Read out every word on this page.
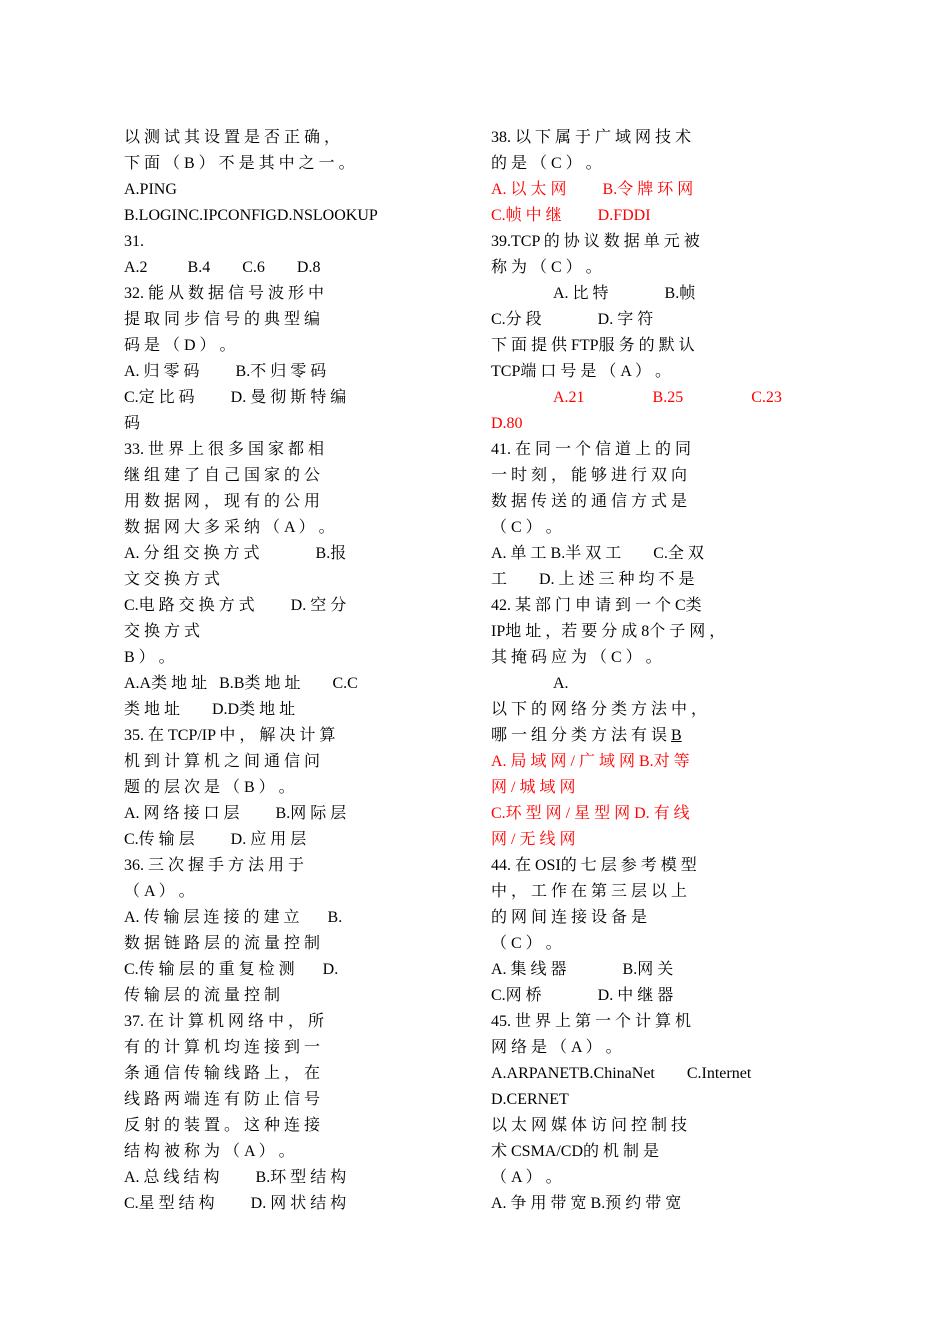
以 测 试 其 设 置 是 否 正 确 ，
下 面 （ B ） 不 是 其 中 之 一 。
A.PING
B.LOGINC.IPCONFIGD.NSLOOKUP
31.
A.2          B.4        C.6        D.8
32. 能 从 数 据 信 号 波 形 中
提 取 同 步 信 号 的 典 型 编
码 是 （ D ） 。
A. 归 零 码         B.不 归 零 码
C.定 比 码         D. 曼 彻 斯 特 编
码
33. 世 界 上 很 多 国 家 都 相
继 组 建 了 自 己 国 家 的 公
用 数 据 网 ， 现 有 的 公 用
数 据 网 大 多 采 纳 （ A ） 。
A. 分 组 交 换 方 式              B.报
文 交 换 方 式
C.电 路 交 换 方 式         D. 空 分
交 换 方 式
B ） 。
A.A类 地 址   B.B类 地 址        C.C
类 地 址        D.D类 地 址
35. 在 TCP/IP 中 ， 解 决 计 算
机 到 计 算 机 之 间 通 信 问
题 的 层 次 是 （ B ） 。
A. 网 络 接 口 层         B.网 际 层
C.传 输 层         D. 应 用 层
36. 三 次 握 手 方 法 用 于
（ A ） 。
A. 传 输 层 连 接 的 建 立       B.
数 据 链 路 层 的 流 量 控 制
C.传 输 层 的 重 复 检 测       D.
传 输 层 的 流 量 控 制
37. 在 计 算 机 网 络 中 ， 所
有 的 计 算 机 均 连 接 到 一
条 通 信 传 输 线 路 上 ， 在
线 路 两 端 连 有 防 止 信 号
反 射 的 装 置 。 这 种 连 接
结 构 被 称 为 （ A ） 。
A. 总 线 结 构         B.环 型 结 构
C.星 型 结 构         D. 网 状 结 构
38. 以 下 属 于 广 域 网 技 术
的 是 （ C ） 。
A. 以 太 网         B.令 牌 环 网
C.帧 中 继         D.FDDI
39.TCP 的 协 议 数 据 单 元 被
称 为 （ C ） 。
A. 比 特              B.帧
C.分 段              D. 字 符
下 面 提 供 FTP服 务 的 默 认
TCP端 口 号 是 （ A ） 。
A.21                 B.25                 C.23
D.80
41. 在 同 一 个 信 道 上 的 同
一 时 刻 ， 能 够 进 行 双 向
数 据 传 送 的 通 信 方 式 是
（ C ） 。
A. 单 工 B.半 双 工        C.全 双
工        D. 上 述 三 种 均 不 是
42. 某 部 门 申 请 到 一 个 C类
IP地 址 ，若 要 分 成 8个 子 网 ，
其 掩 码 应 为 （ C ） 。
A.
以 下 的 网 络 分 类 方 法 中 ，
哪 一 组 分 类 方 法 有 误 B
A. 局 域 网 / 广 域 网 B.对 等
网 / 城 域 网
C.环 型 网 / 星 型 网 D. 有 线
网 / 无 线 网
44. 在 OSI的 七 层 参 考 模 型
中 ， 工 作 在 第 三 层 以 上
的 网 间 连 接 设 备 是
（ C ） 。
A. 集 线 器              B.网 关
C.网 桥              D. 中 继 器
45. 世 界 上 第 一 个 计 算 机
网 络 是 （ A ） 。
A.ARPANETB.ChinaNet        C.Internet
D.CERNET
以 太 网 媒 体 访 问 控 制 技
术 CSMA/CD的 机 制 是
（ A ） 。
A. 争 用 带 宽 B.预 约 带 宽
